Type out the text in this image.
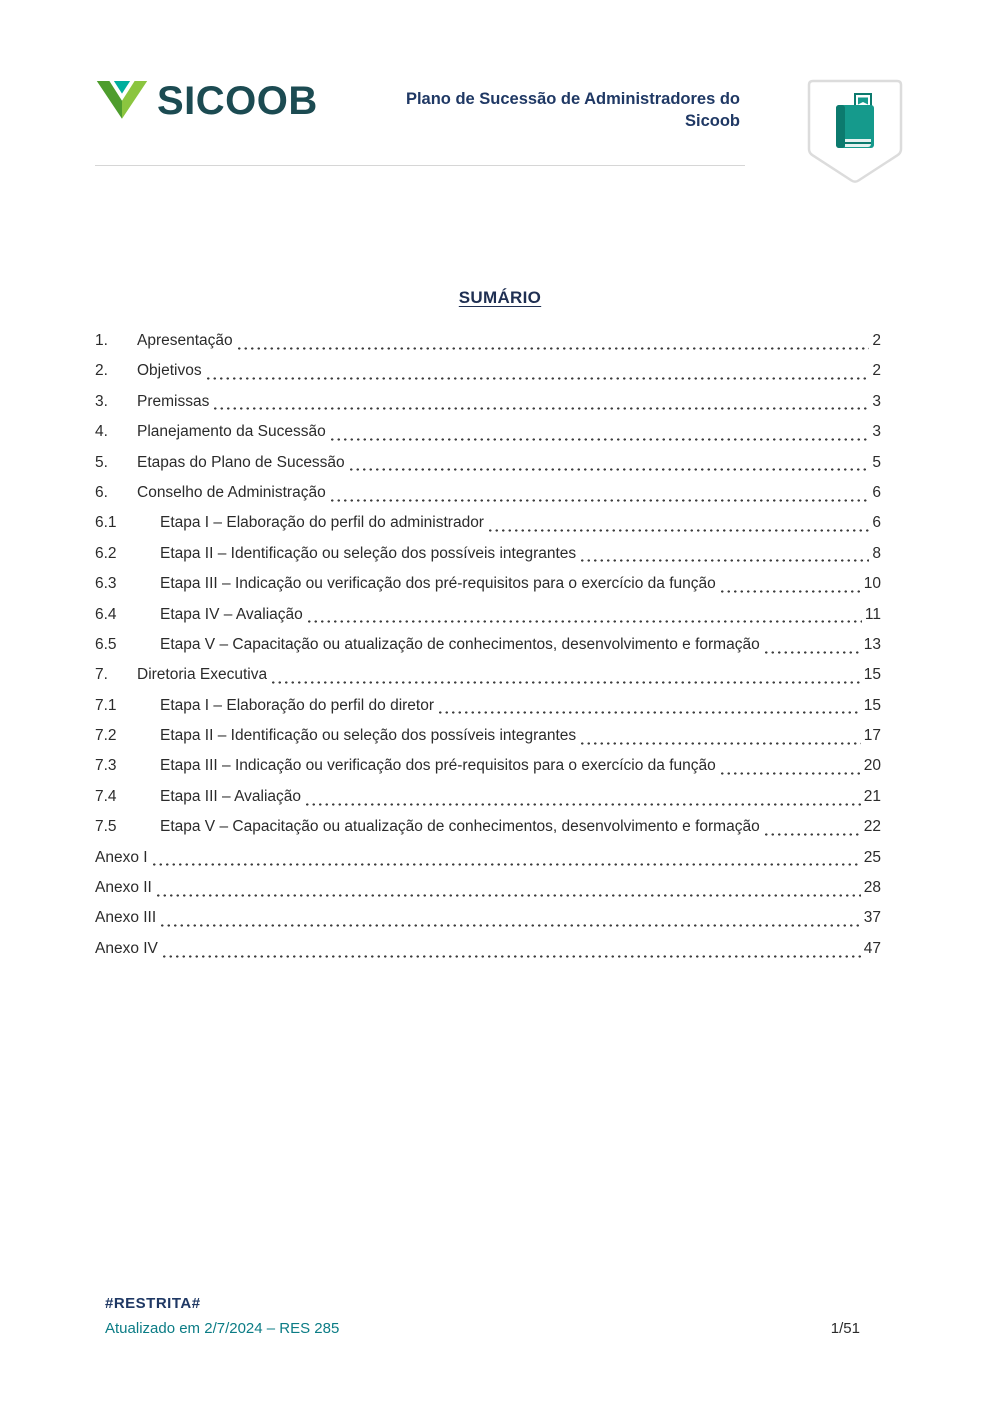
SICOOB	Plano de Sucessão de Administradores do
Sicoob
SUMÁRIO
1.	Apresentação	2
2.	Objetivos	2
3.	Premissas	3
4.	Planejamento da Sucessão	3
5.	Etapas do Plano de Sucessão	5
6.	Conselho de Administração	6
6.1	Etapa I – Elaboração do perfil do administrador	6
6.2	Etapa II – Identificação ou seleção dos possíveis integrantes	8
6.3	Etapa III – Indicação ou verificação dos pré-requisitos para o exercício da função	10
6.4	Etapa IV – Avaliação	11
6.5	Etapa V – Capacitação ou atualização de conhecimentos, desenvolvimento e formação	13
7.	Diretoria Executiva	15
7.1	Etapa I – Elaboração do perfil do diretor	15
7.2	Etapa II – Identificação ou seleção dos possíveis integrantes	17
7.3	Etapa III – Indicação ou verificação dos pré-requisitos para o exercício da função	20
7.4	Etapa III – Avaliação	21
7.5	Etapa V – Capacitação ou atualização de conhecimentos, desenvolvimento e formação	22
Anexo I	25
Anexo II	28
Anexo III	37
Anexo IV	47
#RESTRITA#
Atualizado em 2/7/2024 – RES 285	1/51
